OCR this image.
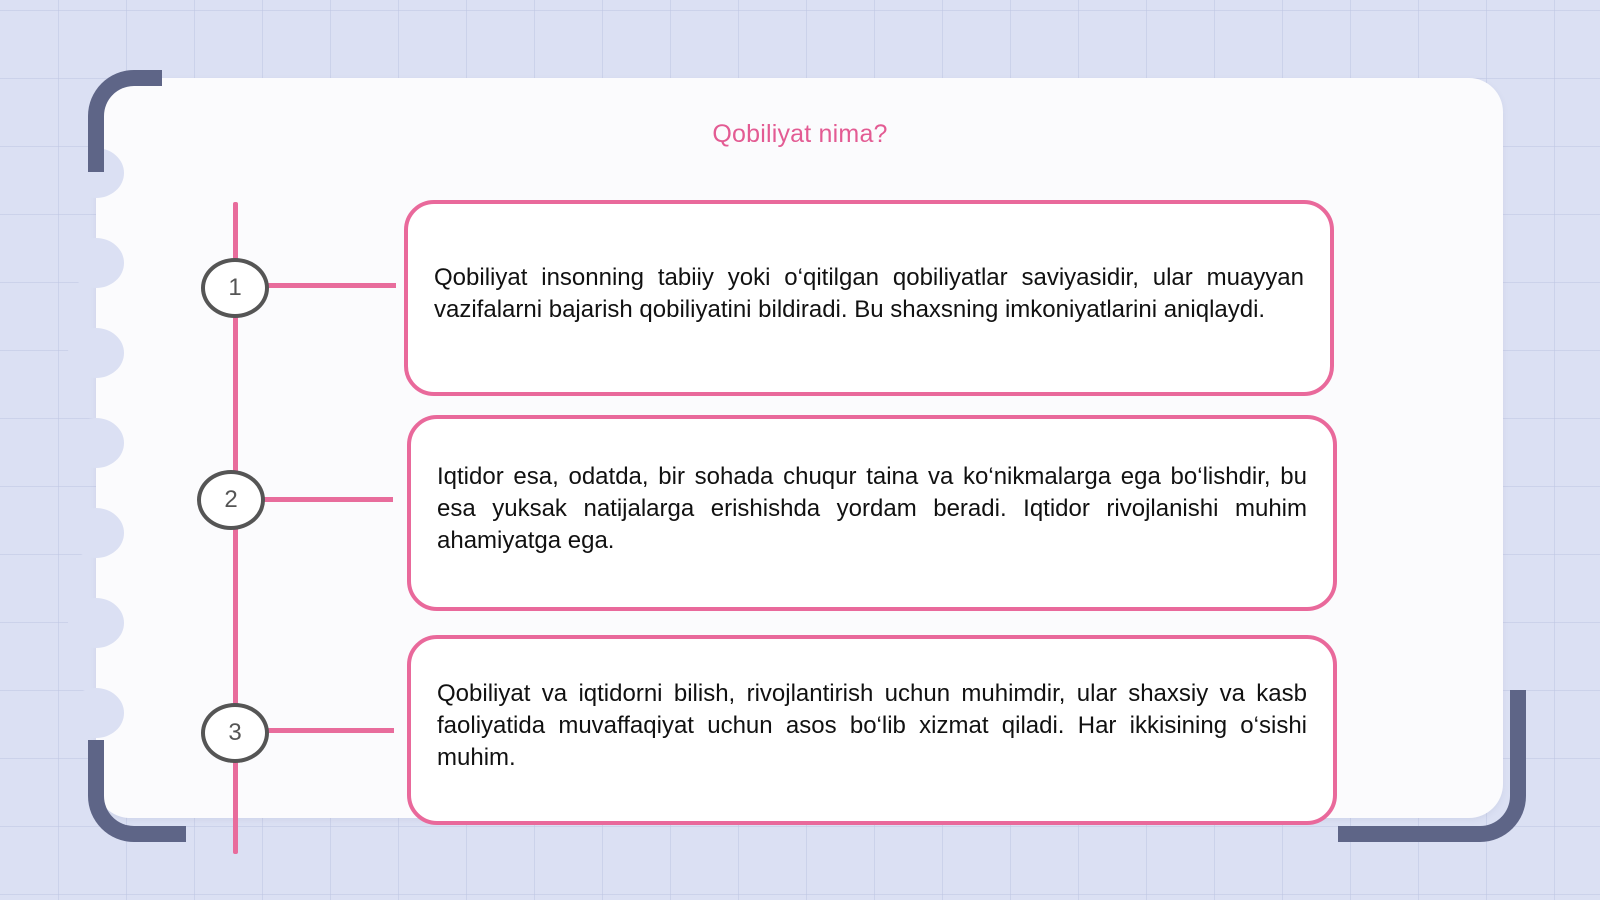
Qobiliyat nima?
1	Qobiliyat insonning tabiiy yoki o‘qitilgan qobiliyatlar saviyasidir, ular muayyan vazifalarni bajarish qobiliyatini bildiradi. Bu shaxsning imkoniyatlarini aniqlaydi.
2
Iqtidor esa, odatda, bir sohada chuqur taina va ko‘nikmalarga ega bo‘lishdir, bu esa yuksak natijalarga erishishda yordam beradi. Iqtidor rivojlanishi muhim ahamiyatga ega.
3
Qobiliyat va iqtidorni bilish, rivojlantirish uchun muhimdir, ular shaxsiy va kasb faoliyatida muvaffaqiyat uchun asos bo‘lib xizmat qiladi. Har ikkisining o‘sishi muhim.
